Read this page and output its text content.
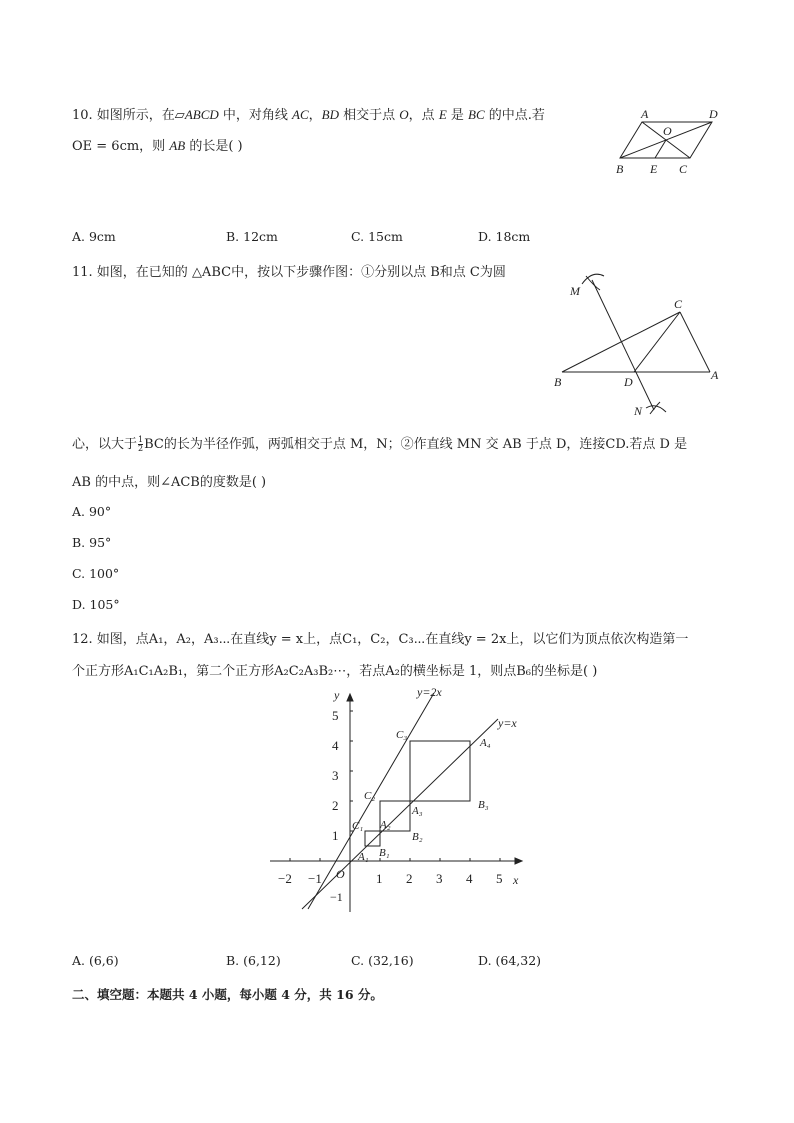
10. 如图所示，在▱ABCD 中，对角线 AC，BD 相交于点 O，点 E 是 BC 的中点.若
OE = 6cm，则 AB 的长是( )
A	D
O
B E C
A. 9cm	B. 12cm	C. 15cm	D. 18cm
11. 如图，在已知的 △ABC中，按以下步骤作图：①分别以点 B和点 C为圆
M
C
B	D	A
N
心，以大于 $\frac{1}{2}$ BC的长为半径作弧，两弧相交于点 M，N；②作直线 MN 交 AB 于点 D，连接CD.若点 D 是
AB 的中点，则∠ACB的度数是( )
A. 90°
B. 95°
C. 100°
D. 105°
12. 如图，点A₁，A₂，A₃⋯在直线y = x上，点C₁，C₂，C₃⋯在直线y = 2x上，以它们为顶点依次构造第一
个正方形A₁C₁A₂B₁，第二个正方形A₂C₂A₃B₂⋯，若点A₂的横坐标是 1，则点B₆的坐标是( )
y=2x
y=x
x
y
O
−2 −1	1 2 3 4 5
1
2
3
4
5
−1
A₁ B₁
C₁ A₂
B₂
C₂
A₃	B₃
C₃
A₄
A. (6,6)	B. (6,12)	C. (32,16)	D. (64,32)
二、填空题：本题共 4 小题，每小题 4 分，共 16 分。
